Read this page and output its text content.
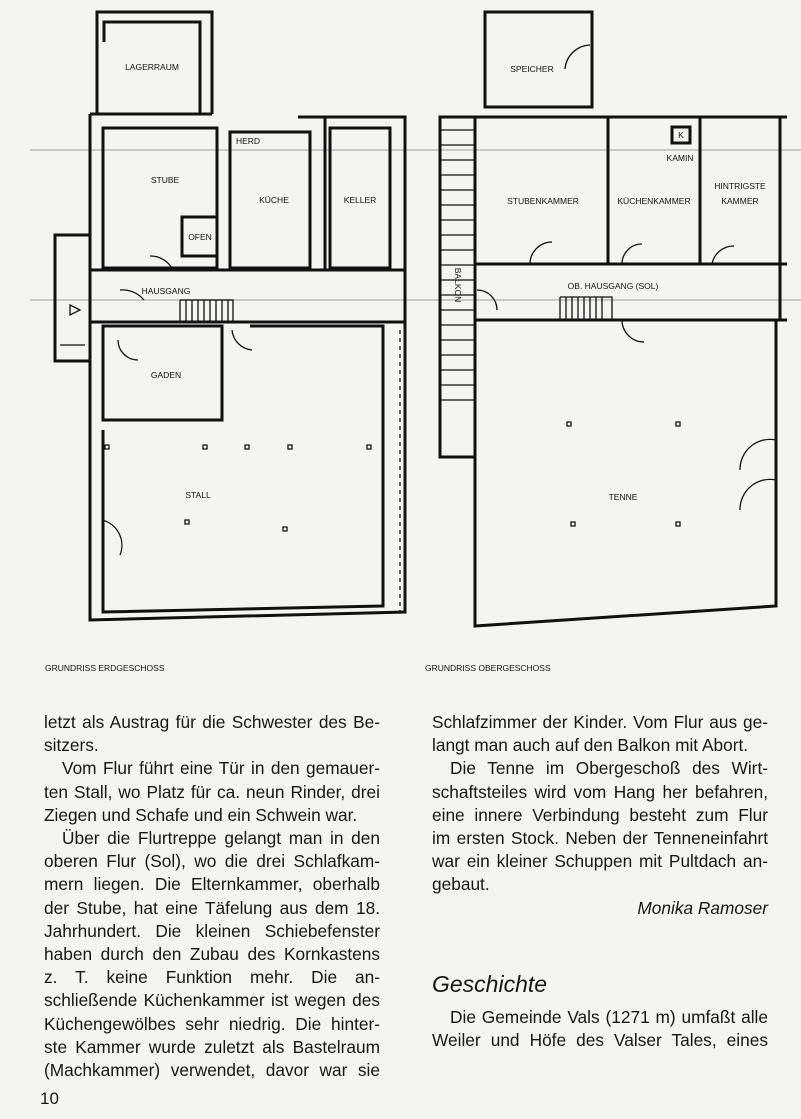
LAGERRAUM
STUBE
HERD
KÜCHE	KELLER
OFEN
HAUSGANG
GADEN
STALL
GRUNDRISS ERDGESCHOSS
SPEICHER
K
KAMIN
STUBENKAMMER	KÜCHENKAMMER
HINTRIGSTE
KAMMER
OB. HAUSGANG (SOL)
BALKON
TENNE
GRUNDRISS OBERGESCHOSS
letzt als Austrag für die Schwester des Be-
sitzers.
Vom Flur führt eine Tür in den gemauer-
ten Stall, wo Platz für ca. neun Rinder, drei
Ziegen und Schafe und ein Schwein war.
Über die Flurtreppe gelangt man in den
oberen Flur (Sol), wo die drei Schlafkam-
mern liegen. Die Elternkammer, oberhalb
der Stube, hat eine Täfelung aus dem 18.
Jahrhundert. Die kleinen Schiebefenster
haben durch den Zubau des Kornkastens
z. T. keine Funktion mehr. Die an-
schließende Küchenkammer ist wegen des
Küchengewölbes sehr niedrig. Die hinter-
ste Kammer wurde zuletzt als Bastelraum
(Machkammer) verwendet, davor war sie
Schlafzimmer der Kinder. Vom Flur aus ge-
langt man auch auf den Balkon mit Abort.
Die Tenne im Obergeschoß des Wirt-
schaftsteiles wird vom Hang her befahren,
eine innere Verbindung besteht zum Flur
im ersten Stock. Neben der Tenneneinfahrt
war ein kleiner Schuppen mit Pultdach an-
gebaut.
Monika Ramoser
Geschichte
Die Gemeinde Vals (1271 m) umfaßt alle
Weiler und Höfe des Valser Tales, eines
10
